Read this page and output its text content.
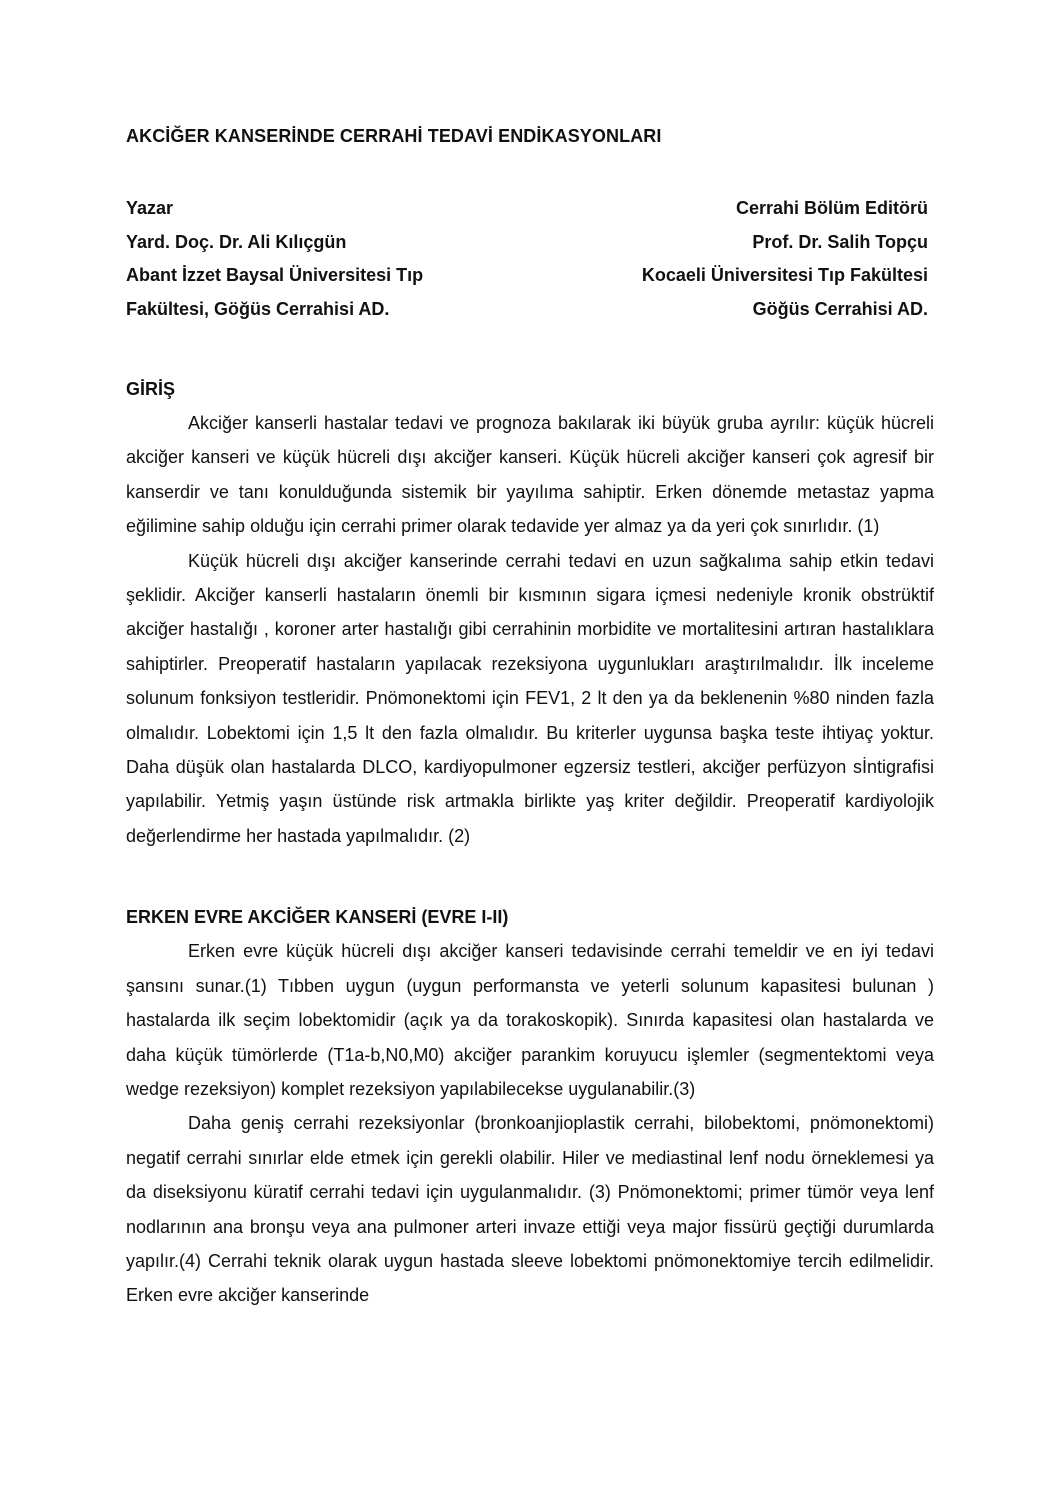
AKCİĞER KANSERİNDE CERRAHİ TEDAVİ ENDİKASYONLARI
Yazar
Yard. Doç. Dr. Ali Kılıçgün
Abant İzzet Baysal Üniversitesi Tıp
Fakültesi, Göğüs Cerrahisi AD.
Cerrahi Bölüm Editörü
Prof. Dr. Salih Topçu
Kocaeli Üniversitesi Tıp Fakültesi
Göğüs Cerrahisi AD.
GİRİŞ

Akciğer kanserli hastalar tedavi ve prognoza bakılarak iki büyük gruba ayrılır: küçük hücreli akciğer kanseri ve küçük hücreli dışı akciğer kanseri. Küçük hücreli akciğer kanseri çok agresif bir kanserdir ve tanı konulduğunda sistemik bir yayılıma sahiptir. Erken dönemde metastaz yapma eğilimine sahip olduğu için cerrahi primer olarak tedavide yer almaz ya da yeri çok sınırlıdır. (1)

Küçük hücreli dışı akciğer kanserinde cerrahi tedavi en uzun sağkalıma sahip etkin tedavi şeklidir. Akciğer kanserli hastaların önemli bir kısmının sigara içmesi nedeniyle kronik obstrüktif akciğer hastalığı , koroner arter hastalığı gibi cerrahinin morbidite ve mortalitesini artıran hastalıklara sahiptirler. Preoperatif hastaların yapılacak rezeksiyona uygunlukları araştırılmalıdır. İlk inceleme solunum fonksiyon testleridir. Pnömonektomi için FEV1, 2 lt den ya da beklenenin %80 ninden fazla olmalıdır. Lobektomi için 1,5 lt den fazla olmalıdır. Bu kriterler uygunsa başka teste ihtiyaç yoktur. Daha düşük olan hastalarda DLCO, kardiyopulmoner egzersiz testleri, akciğer perfüzyon sİntigrafisi yapılabilir. Yetmiş yaşın üstünde risk artmakla birlikte yaş kriter değildir. Preoperatif kardiyolojik değerlendirme her hastada yapılmalıdır. (2)

ERKEN EVRE AKCİĞER KANSERİ (EVRE I-II)

Erken evre küçük hücreli dışı akciğer kanseri tedavisinde cerrahi temeldir ve en iyi tedavi şansını sunar.(1) Tıbben uygun (uygun performansta ve yeterli solunum kapasitesi bulunan ) hastalarda ilk seçim lobektomidir (açık ya da torakoskopik). Sınırda kapasitesi olan hastalarda ve daha küçük tümörlerde (T1a-b,N0,M0) akciğer parankim koruyucu işlemler (segmentektomi veya wedge rezeksiyon) komplet rezeksiyon yapılabilecekse uygulanabilir.(3)

Daha geniş cerrahi rezeksiyonlar (bronkoanjioplastik cerrahi, bilobektomi, pnömonektomi) negatif cerrahi sınırlar elde etmek için gerekli olabilir. Hiler ve mediastinal lenf nodu örneklemesi ya da diseksiyonu küratif cerrahi tedavi için uygulanmalıdır. (3) Pnömonektomi; primer tümör veya lenf nodlarının ana bronşu veya ana pulmoner arteri invaze ettiği veya major fissürü geçtiği durumlarda yapılır.(4) Cerrahi teknik olarak uygun hastada sleeve lobektomi pnömonektomiye tercih edilmelidir. Erken evre akciğer kanserinde
